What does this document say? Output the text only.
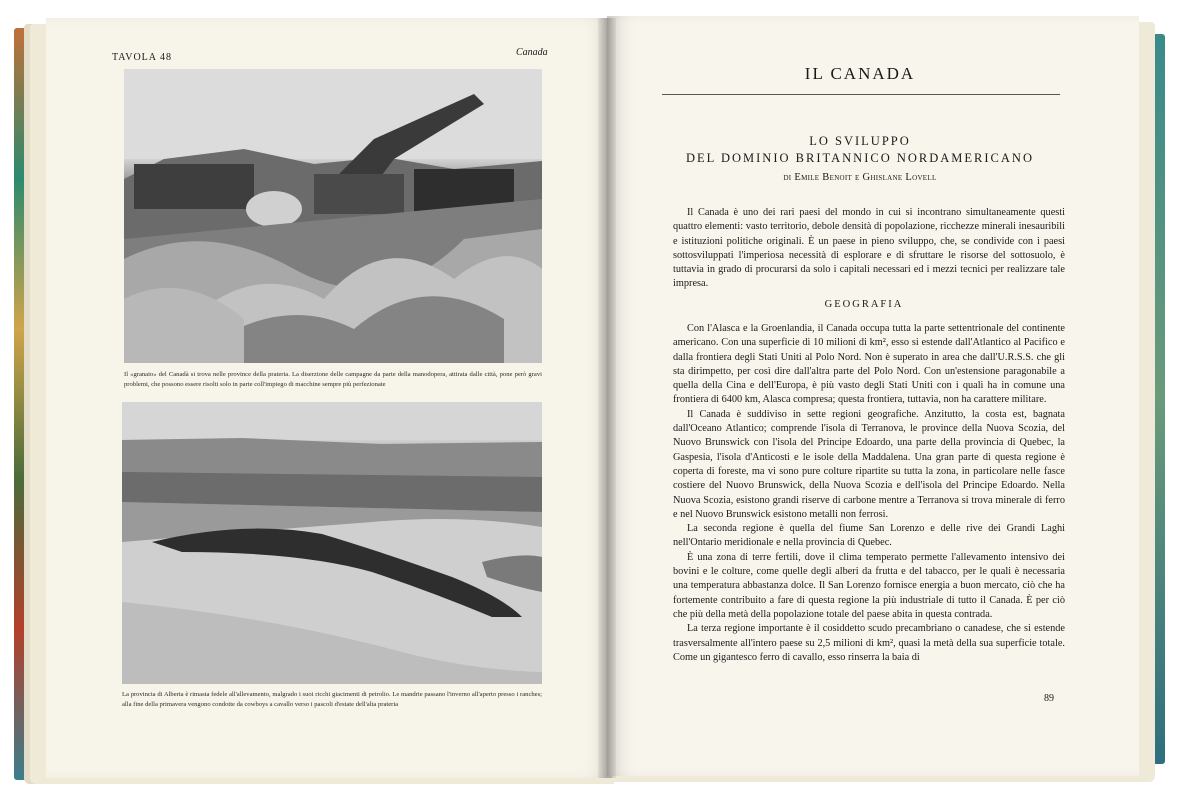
TAVOLA 48	Canada
Il «granaio» del Canadà si trova nelle province della prateria. La diserzione delle campagne da parte della manodopera, attirata dalle città, pone però gravi problemi, che possono essere risolti solo in parte coll'impiego di macchine sempre più perfezionate
La provincia di Alberta è rimasta fedele all'allevamento, malgrado i suoi ricchi giacimenti di petrolio. Le mandrie passano l'inverno all'aperto presso i ranches; alla fine della primavera vengono condotte da cowboys a cavallo verso i pascoli d'estate dell'alta prateria
IL CANADA
LO SVILUPPO
DEL DOMINIO BRITANNICO NORDAMERICANO
di Emile Benoit e Ghislane Lovell

Il Canada è uno dei rari paesi del mondo in cui si incontrano simultaneamente questi quattro elementi: vasto territorio, debole densità di popolazione, ricchezze minerali inesauribili e istituzioni politiche originali. È un paese in pieno sviluppo, che, se condivide con i paesi sottosviluppati l'imperiosa necessità di esplorare e di sfruttare le risorse del sottosuolo, è tuttavia in grado di procurarsi da solo i capitali necessari ed i mezzi tecnici per realizzare tale impresa.

GEOGRAFIA

Con l'Alasca e la Groenlandia, il Canada occupa tutta la parte settentrionale del continente americano. Con una superficie di 10 milioni di km², esso si estende dall'Atlantico al Pacifico e dalla frontiera degli Stati Uniti al Polo Nord. Non è superato in area che dall'U.R.S.S. che gli sta dirimpetto, per così dire dall'altra parte del Polo Nord. Con un'estensione paragonabile a quella della Cina e dell'Europa, è più vasto degli Stati Uniti con i quali ha in comune una frontiera di 6400 km, Alasca compresa; questa frontiera, tuttavia, non ha carattere militare.

Il Canada è suddiviso in sette regioni geografiche. Anzitutto, la costa est, bagnata dall'Oceano Atlantico; comprende l'isola di Terranova, le province della Nuova Scozia, del Nuovo Brunswick con l'isola del Principe Edoardo, una parte della provincia di Quebec, la Gaspesia, l'isola d'Anticosti e le isole della Maddalena. Una gran parte di questa regione è coperta di foreste, ma vi sono pure colture ripartite su tutta la zona, in particolare nelle fasce costiere del Nuovo Brunswick, della Nuova Scozia e dell'isola del Principe Edoardo. Nella Nuova Scozia, esistono grandi riserve di carbone mentre a Terranova si trova minerale di ferro e nel Nuovo Brunswick esistono metalli non ferrosi.

La seconda regione è quella del fiume San Lorenzo e delle rive dei Grandi Laghi nell'Ontario meridionale e nella provincia di Quebec.

È una zona di terre fertili, dove il clima temperato permette l'allevamento intensivo dei bovini e le colture, come quelle degli alberi da frutta e del tabacco, per le quali è necessaria una temperatura abbastanza dolce. Il San Lorenzo fornisce energia a buon mercato, ciò che ha fortemente contribuito a fare di questa regione la più industriale di tutto il Canada. È per ciò che più della metà della popolazione totale del paese abita in questa contrada.

La terza regione importante è il cosiddetto scudo precambriano o canadese, che si estende trasversalmente all'intero paese su 2,5 milioni di km², quasi la metà della sua superficie totale. Come un gigantesco ferro di cavallo, esso rinserra la baia di

89
